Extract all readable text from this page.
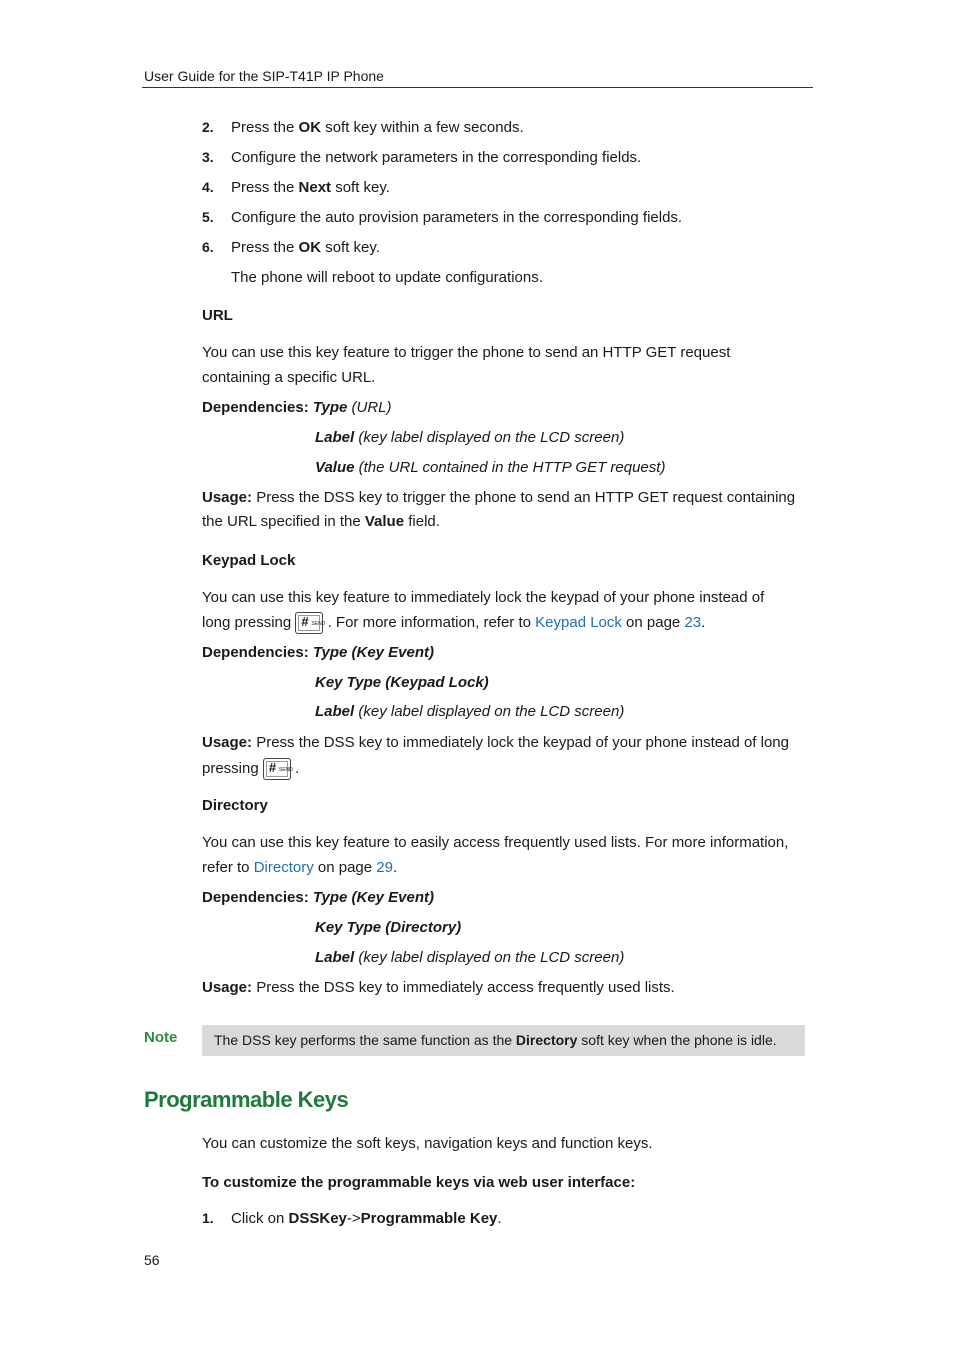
User Guide for the SIP-T41P IP Phone
2. Press the OK soft key within a few seconds.
3. Configure the network parameters in the corresponding fields.
4. Press the Next soft key.
5. Configure the auto provision parameters in the corresponding fields.
6. Press the OK soft key.
The phone will reboot to update configurations.
URL
You can use this key feature to trigger the phone to send an HTTP GET request
containing a specific URL.
Dependencies: Type (URL)
Label (key label displayed on the LCD screen)
Value (the URL contained in the HTTP GET request)
Usage: Press the DSS key to trigger the phone to send an HTTP GET request containing
the URL specified in the Value field.
Keypad Lock
You can use this key feature to immediately lock the keypad of your phone instead of
long pressing # SEND . For more information, refer to Keypad Lock on page 23.
Dependencies: Type (Key Event)
Key Type (Keypad Lock)
Label (key label displayed on the LCD screen)
Usage: Press the DSS key to immediately lock the keypad of your phone instead of long
pressing # SEND .
Directory
You can use this key feature to easily access frequently used lists. For more information,
refer to Directory on page 29.
Dependencies: Type (Key Event)
Key Type (Directory)
Label (key label displayed on the LCD screen)
Usage: Press the DSS key to immediately access frequently used lists.
Note	The DSS key performs the same function as the Directory soft key when the phone is idle.
Programmable Keys
You can customize the soft keys, navigation keys and function keys.
To customize the programmable keys via web user interface:
1. Click on DSSKey->Programmable Key.
56
